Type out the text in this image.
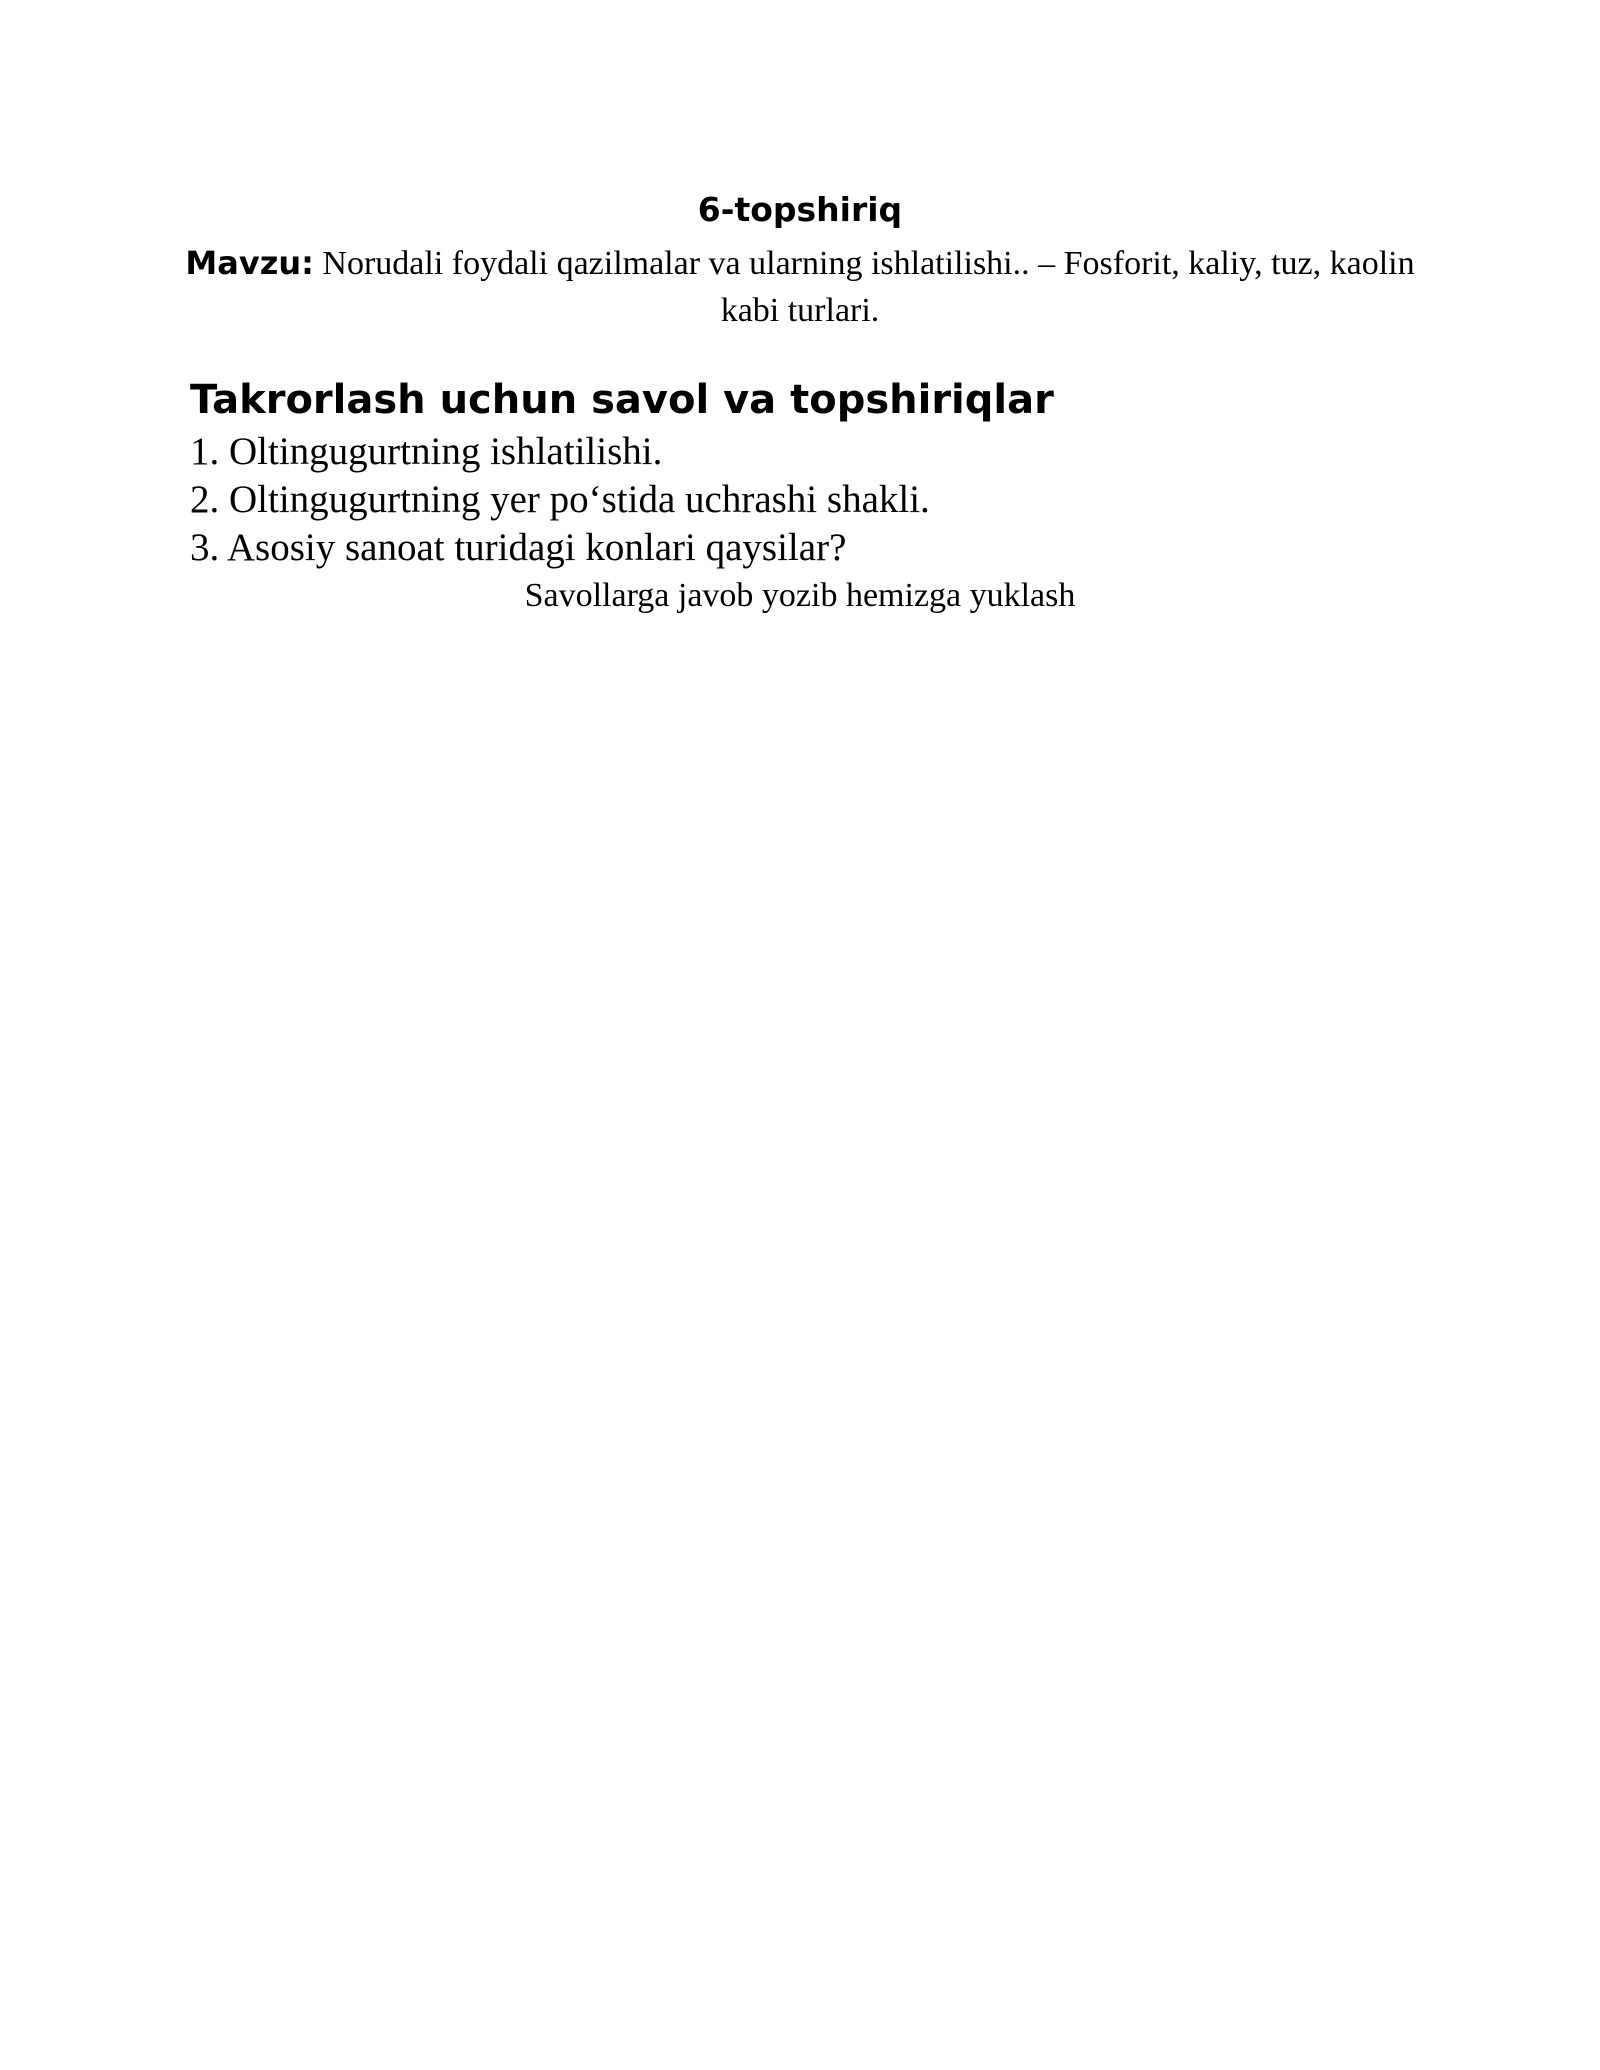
6-topshiriq
Mavzu: Norudali foydali qazilmalar va ularning ishlatilishi.. – Fosforit, kaliy, tuz, kaolin kabi turlari.
Takrorlash uchun savol va topshiriqlar
1. Oltingugurtning ishlatilishi.
2. Oltingugurtning yer po‘stida uchrashi shakli.
3. Asosiy sanoat turidagi konlari qaysilar?
Savollarga javob yozib hemizga yuklash
